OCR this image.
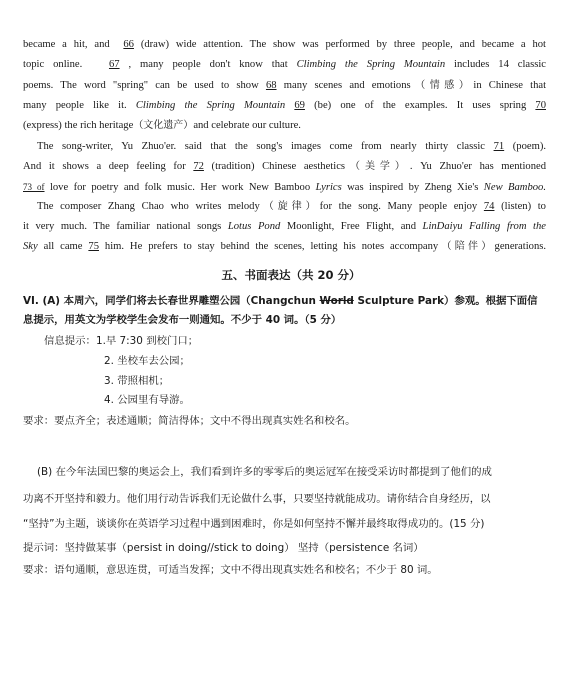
became a hit, and  66 (draw) wide attention. The show was performed by three people, and became a hot
topic online.   67 , many people don't know that Climbing the Spring Mountain includes 14 classic
poems. The word "spring" can be used to show 68 many scenes and emotions（情感）in Chinese that
many people like it. Climbing the Spring Mountain 69 (be) one of the examples. It uses spring 70
(express) the rich heritage（文化遗产）and celebrate our culture.
The song-writer, Yu Zhuo'er. said that the song's images come from nearly thirty classic 71 (poem).
And it shows a deep feeling for 72 (tradition) Chinese aesthetics（美学）. Yu Zhuo'er has mentioned
73 of love for poetry and folk music. Her work New Bamboo Lyrics was inspired by Zheng Xie's New Bamboo.
The composer Zhang Chao who writes melody（旋律）for the song. Many people enjoy 74 (listen) to
it very much. The familiar national songs Lotus Pond Moonlight, Free Flight, and LinDaiyu Falling from the
Sky all came 75 him. He prefers to stay behind the scenes, letting his notes accompany（陪伴）generations.
五、书面表达（共 20 分）
VI. (A) 本周六，同学们将去长春世界雕塑公园（Changchun World Sculpture Park）参观。根据下面信
息提示，用英文为学校学生会发布一则通知。不少于 40 词。（5 分）
信息提示：1.早 7:30 到校门口；
2. 坐校车去公园；
3. 带照相机；
4. 公园里有导游。
要求：要点齐全；表述通顺；简洁得体；文中不得出现真实姓名和校名。
(B) 在今年法国巴黎的奥运会上，我们看到许多的零零后的奥运冠军在接受采访时都提到了他们的成
功离不开坚持和毅力。他们用行动告诉我们无论做什么事，只要坚持就能成功。请你结合自身经历，以
“坚持”为主题，谈谈你在英语学习过程中遇到困难时，你是如何坚持不懈并最终取得成功的。(15 分)
提示词：坚持做某事（persist in doing//stick to doing） 坚持（persistence 名词）
要求：语句通顺，意思连贯，可适当发挥；文中不得出现真实姓名和校名；不少于 80 词。
